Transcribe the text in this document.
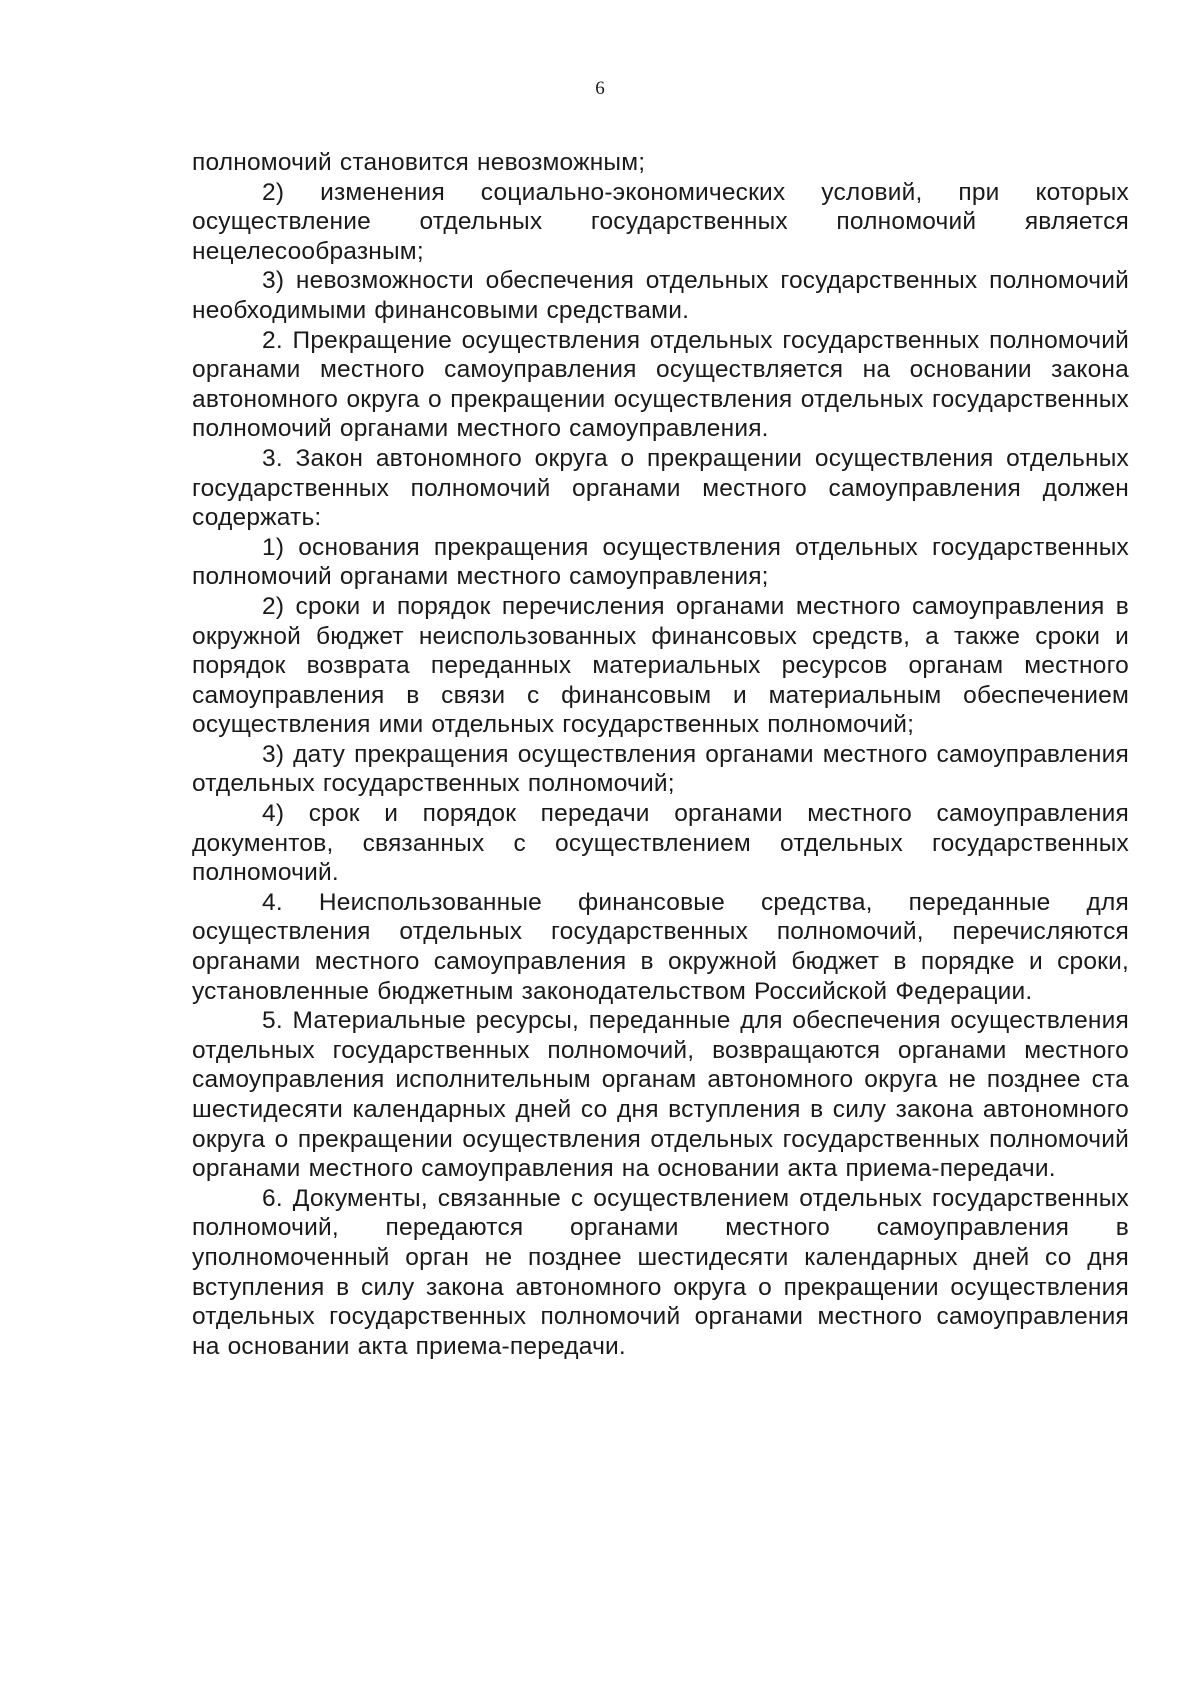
6

полномочий становится невозможным;

2) изменения социально-экономических условий, при которых осуществление отдельных государственных полномочий является нецелесообразным;

3) невозможности обеспечения отдельных государственных полномочий необходимыми финансовыми средствами.

2. Прекращение осуществления отдельных государственных полномочий органами местного самоуправления осуществляется на основании закона автономного округа о прекращении осуществления отдельных государственных полномочий органами местного самоуправления.

3. Закон автономного округа о прекращении осуществления отдельных государственных полномочий органами местного самоуправления должен содержать:

1) основания прекращения осуществления отдельных государственных полномочий органами местного самоуправления;

2) сроки и порядок перечисления органами местного самоуправления в окружной бюджет неиспользованных финансовых средств, а также сроки и порядок возврата переданных материальных ресурсов органам местного самоуправления в связи с финансовым и материальным обеспечением осуществления ими отдельных государственных полномочий;

3) дату прекращения осуществления органами местного самоуправления отдельных государственных полномочий;

4) срок и порядок передачи органами местного самоуправления документов, связанных с осуществлением отдельных государственных полномочий.

4. Неиспользованные финансовые средства, переданные для осуществления отдельных государственных полномочий, перечисляются органами местного самоуправления в окружной бюджет в порядке и сроки, установленные бюджетным законодательством Российской Федерации.

5. Материальные ресурсы, переданные для обеспечения осуществления отдельных государственных полномочий, возвращаются органами местного самоуправления исполнительным органам автономного округа не позднее ста шестидесяти календарных дней со дня вступления в силу закона автономного округа о прекращении осуществления отдельных государственных полномочий органами местного самоуправления на основании акта приема-передачи.

6. Документы, связанные с осуществлением отдельных государственных полномочий, передаются органами местного самоуправления в уполномоченный орган не позднее шестидесяти календарных дней со дня вступления в силу закона автономного округа о прекращении осуществления отдельных государственных полномочий органами местного самоуправления на основании акта приема-передачи.
